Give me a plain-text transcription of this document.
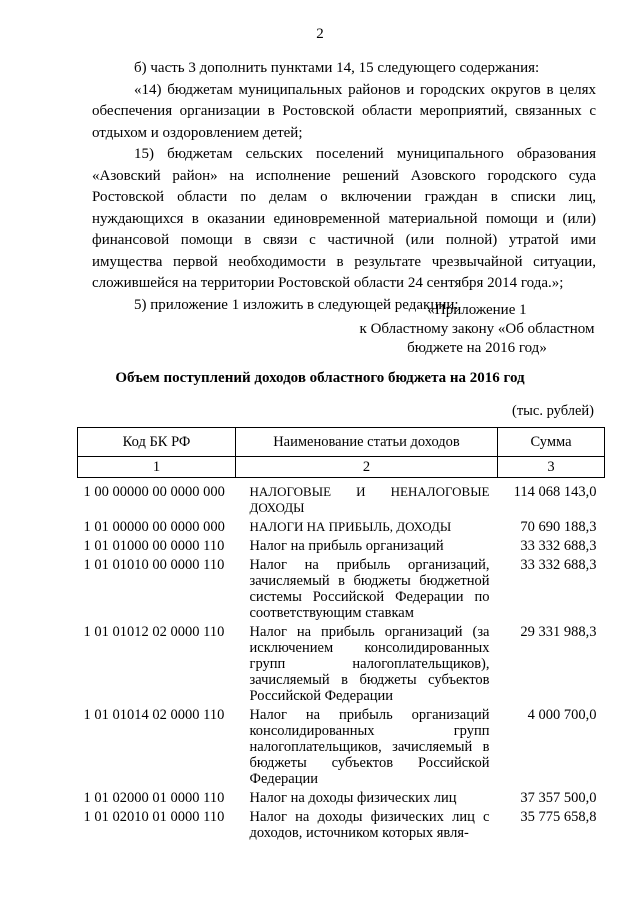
2

б) часть 3 дополнить пунктами 14, 15 следующего содержания:

«14) бюджетам муниципальных районов и городских округов в целях обеспечения организации в Ростовской области мероприятий, связанных с отдыхом и оздоровлением детей;

15) бюджетам сельских поселений муниципального образования «Азовский район» на исполнение решений Азовского городского суда Ростовской области по делам о включении граждан в списки лиц, нуждающихся в оказании единовременной материальной помощи и (или) финансовой помощи в связи с частичной (или полной) утратой ими имущества первой необходимости в результате чрезвычайной ситуации, сложившейся на территории Ростовской области 24 сентября 2014 года.»;

5) приложение 1 изложить в следующей редакции:

«Приложение 1
к Областному закону «Об областном
бюджете на 2016 год»
Объем поступлений доходов областного бюджета на 2016 год
(тыс. рублей)
Код БК РФ	Наименование статьи доходов	Сумма
1	2	3
1 00 00000 00 0000 000	НАЛОГОВЫЕ И НЕНАЛОГОВЫЕ ДОХОДЫ	114 068 143,0
1 01 00000 00 0000 000	НАЛОГИ НА ПРИБЫЛЬ, ДОХОДЫ	70 690 188,3
1 01 01000 00 0000 110	Налог на прибыль организаций	33 332 688,3
1 01 01010 00 0000 110	Налог на прибыль организаций, зачисляемый в бюджеты бюджетной системы Российской Федерации по соответствующим ставкам	33 332 688,3
1 01 01012 02 0000 110	Налог на прибыль организаций (за исключением консолидированных групп налогоплательщиков), зачисляемый в бюджеты субъектов Российской Федерации	29 331 988,3
1 01 01014 02 0000 110	Налог на прибыль организаций консолидированных групп налогоплательщиков, зачисляемый в бюджеты субъектов Российской Федерации	4 000 700,0
1 01 02000 01 0000 110	Налог на доходы физических лиц	37 357 500,0
1 01 02010 01 0000 110	Налог на доходы физических лиц с доходов, источником которых явля-	35 775 658,8
